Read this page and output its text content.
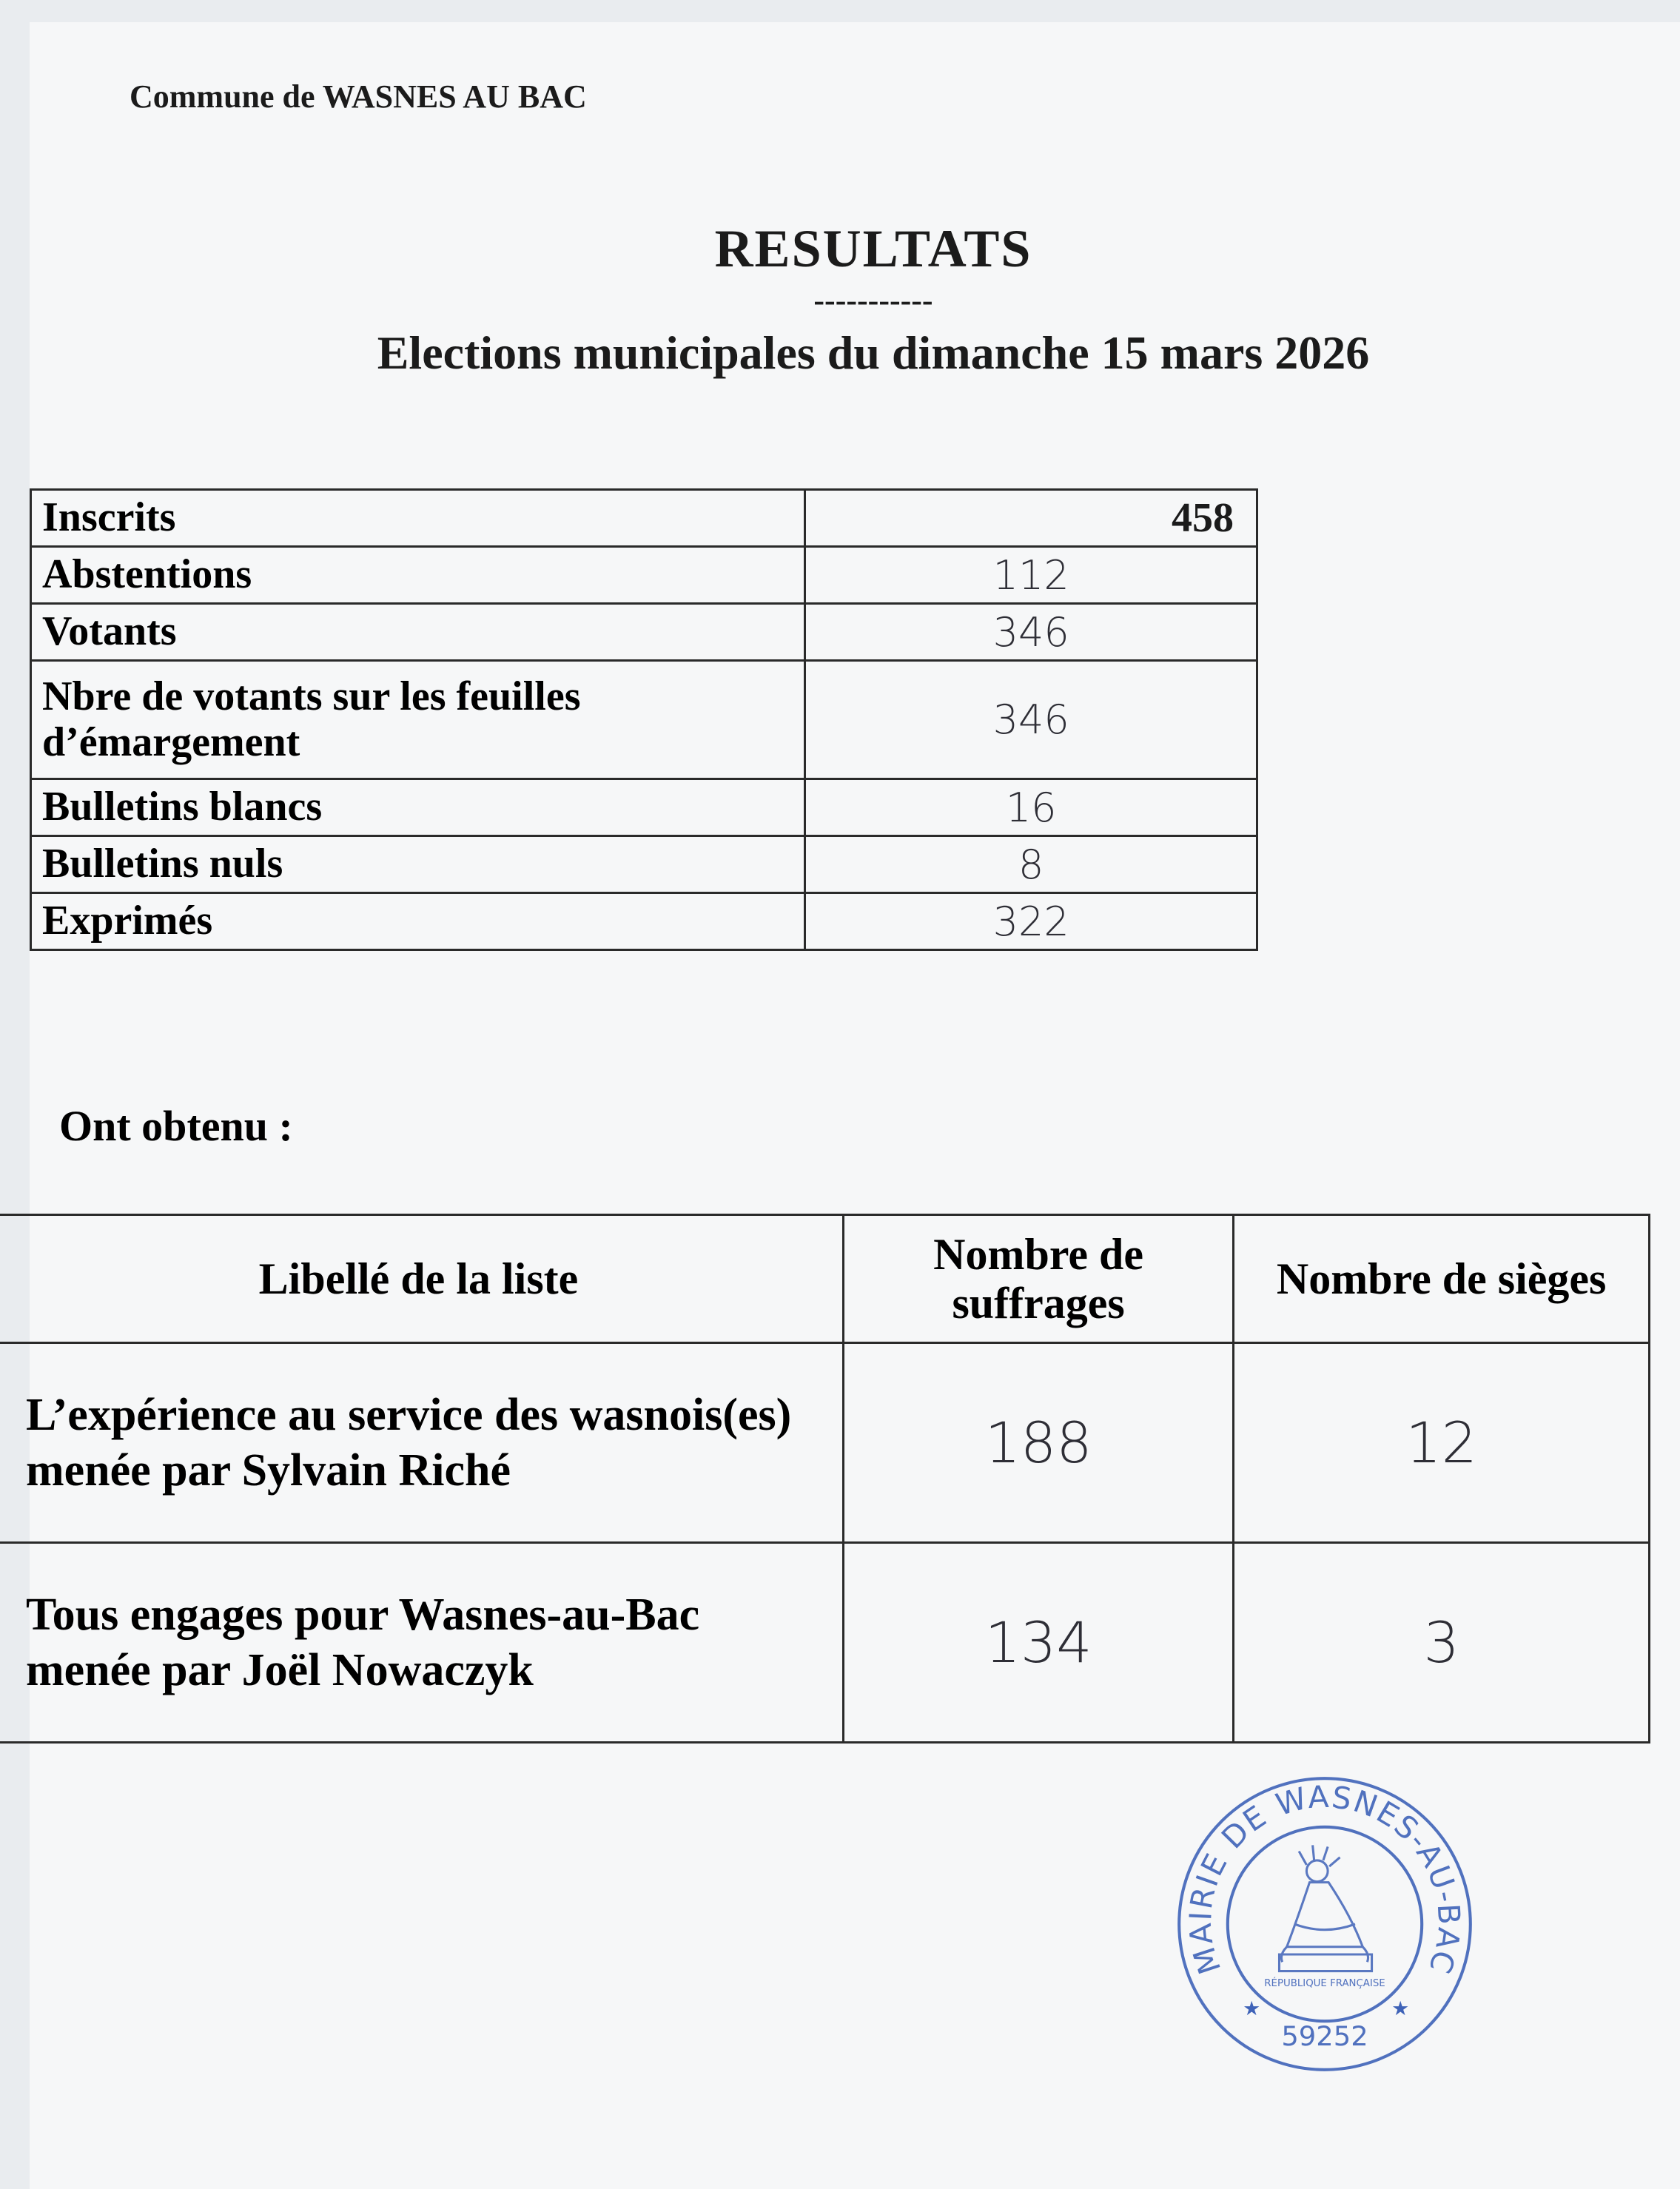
Commune de WASNES AU BAC
RESULTATS
-----------
Elections municipales du dimanche 15 mars 2026
Inscrits	458
Abstentions	112
Votants	346
Nbre de votants sur les feuilles d’émargement	346
Bulletins blancs	16
Bulletins nuls	8
Exprimés	322
Ont obtenu :
Libellé de la liste	Nombre de suffrages	Nombre de sièges

L’expérience au service des wasnois(es)
menée par Sylvain Riché	188	12

Tous engages pour Wasnes-au-Bac
menée par Joël Nowaczyk	134	3
MAIRIE DE WASNES-AU-BAC
RÉPUBLIQUE FRANÇAISE
59252
★	★
